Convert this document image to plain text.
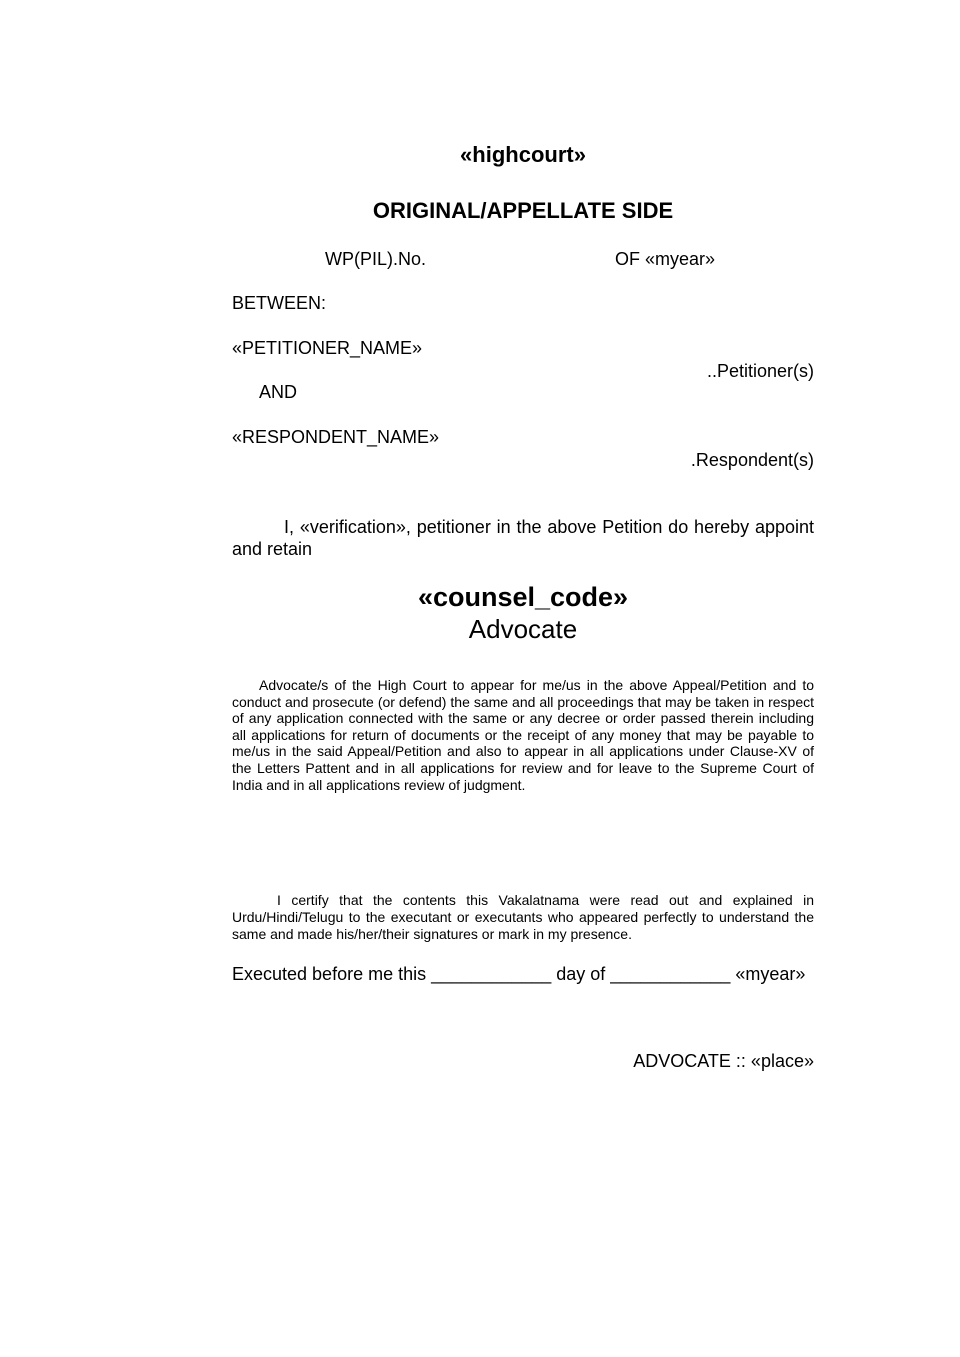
«highcourt»
ORIGINAL/APPELLATE SIDE
WP(PIL).No.	OF «myear»
BETWEEN:
«PETITIONER_NAME»
..Petitioner(s)
AND
«RESPONDENT_NAME»
.Respondent(s)
I, «verification», petitioner in the above Petition do hereby appoint and retain
«counsel_code»
Advocate
Advocate/s of the High Court to appear for me/us in the above Appeal/Petition and to conduct and prosecute (or defend) the same and all proceedings that may be taken in respect of any application connected with the same or any decree or order passed therein including all applications for return of documents or the receipt of any money that may be payable to me/us in the said Appeal/Petition and also to appear in all applications under Clause-XV of the Letters Pattent and in all applications for review and for leave to the Supreme Court of India and in all applications review of judgment.
I certify that the contents this Vakalatnama were read out and explained in Urdu/Hindi/Telugu to the executant or executants who appeared perfectly to understand the same and made his/her/their signatures or mark in my presence.
Executed before me this ____________ day of ____________ «myear»
ADVOCATE :: «place»
